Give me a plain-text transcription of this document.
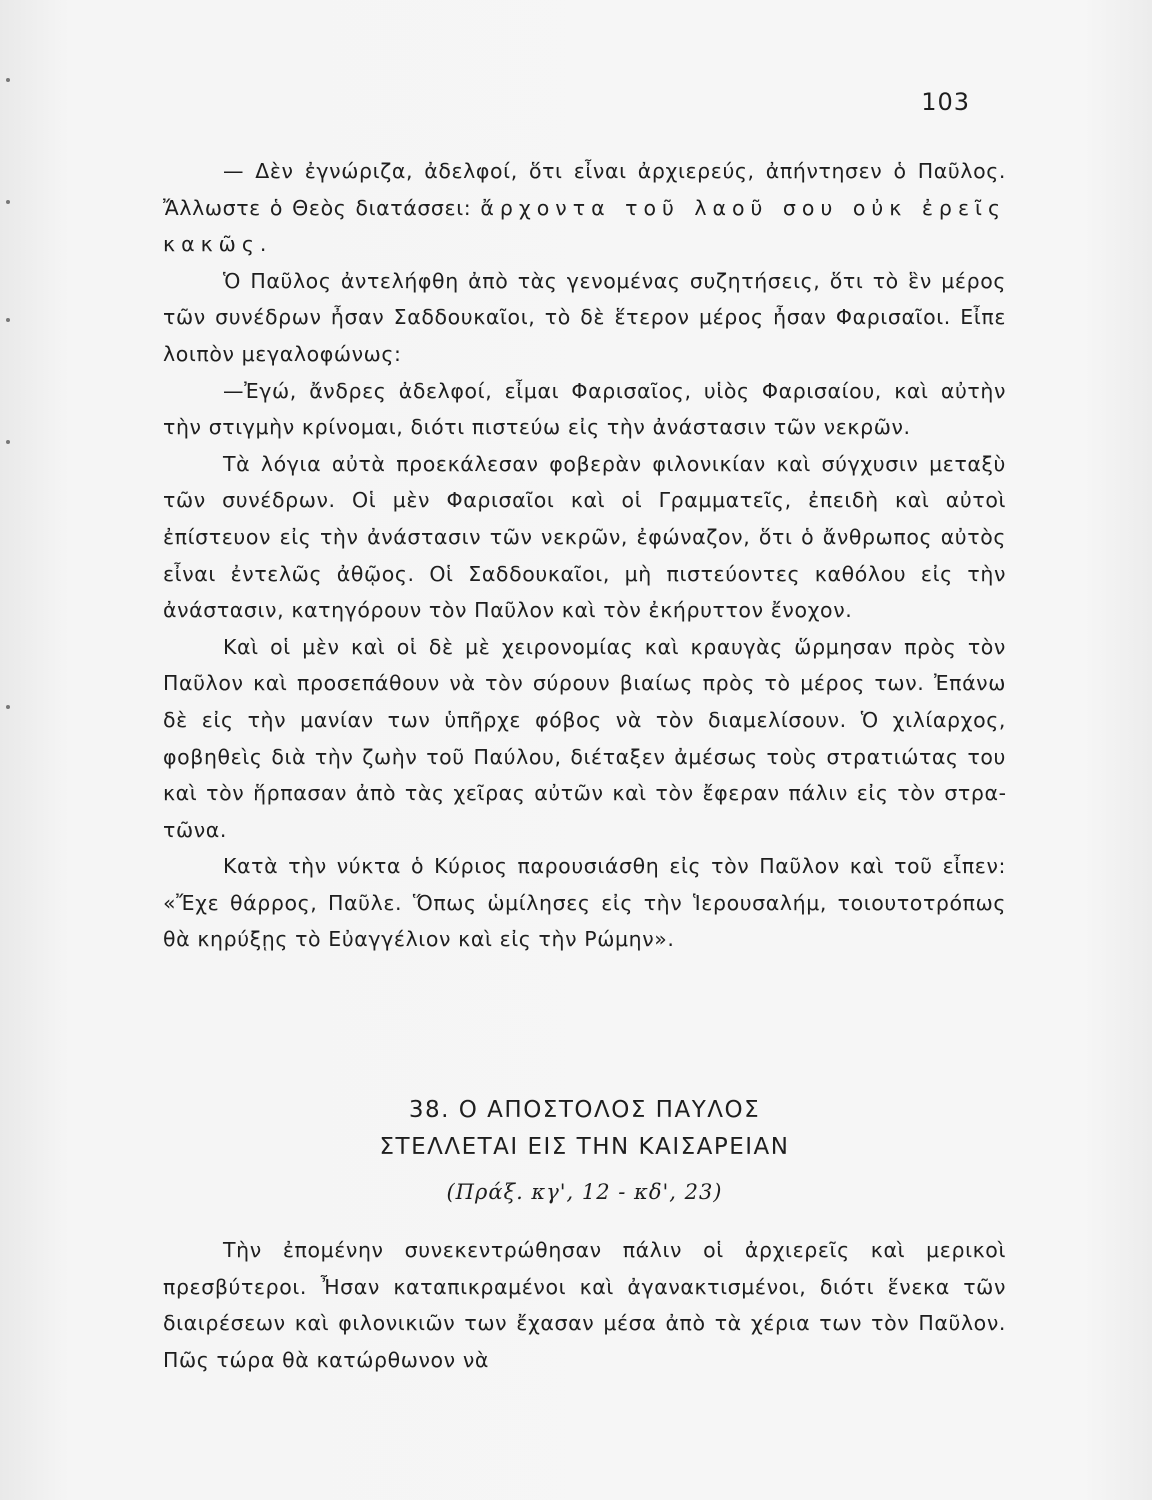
103

— Δὲν ἐγνώριζα, ἀδελφοί, ὅτι εἶναι ἀρχιερεύς, ἀπήντησεν ὁ Παῦλος. Ἄλλωστε ὁ Θεὸς διατάσσει: ἄρχοντα τοῦ λαοῦ σου οὐκ ἐρεῖς κακῶς.

Ὁ Παῦλος ἀντελήφθη ἀπὸ τὰς γενομένας συζητήσεις, ὅτι τὸ ἓν μέρος τῶν συνέδρων ἦσαν Σαδδουκαῖοι, τὸ δὲ ἕτερον μέρος ἦσαν Φαρισαῖοι. Εἶπε λοιπὸν μεγαλοφώνως:

—Ἐγώ, ἄνδρες ἀδελφοί, εἶμαι Φαρισαῖος, υἱὸς Φαρισαίου, καὶ αὐτὴν τὴν στιγμὴν κρίνομαι, διότι πιστεύω εἰς τὴν ἀνάστασιν τῶν νεκρῶν.

Τὰ λόγια αὐτὰ προεκάλεσαν φοβερὰν φιλονικίαν καὶ σύγχυσιν μεταξὺ τῶν συνέδρων. Οἱ μὲν Φαρισαῖοι καὶ οἱ Γραμματεῖς, ἐπειδὴ καὶ αὐτοὶ ἐπίστευον εἰς τὴν ἀνάστασιν τῶν νεκρῶν, ἐφώναζον, ὅτι ὁ ἄνθρωπος αὐτὸς εἶναι ἐντελῶς ἀθῷος. Οἱ Σαδδουκαῖοι, μὴ πιστεύοντες καθόλου εἰς τὴν ἀνάστασιν, κατηγόρουν τὸν Παῦλον καὶ τὸν ἐκήρυττον ἔνοχον.

Καὶ οἱ μὲν καὶ οἱ δὲ μὲ χειρονομίας καὶ κραυγὰς ὥρμησαν πρὸς τὸν Παῦλον καὶ προσεπάθουν νὰ τὸν σύρουν βιαίως πρὸς τὸ μέρος των. Ἐπάνω δὲ εἰς τὴν μανίαν των ὑπῆρχε φόβος νὰ τὸν διαμελίσουν. Ὁ χιλίαρχος, φοβηθεὶς διὰ τὴν ζωὴν τοῦ Παύλου, διέταξεν ἀμέσως τοὺς στρατιώτας του καὶ τὸν ἥρπασαν ἀπὸ τὰς χεῖρας αὐτῶν καὶ τὸν ἔφεραν πάλιν εἰς τὸν στρατῶνα.

Κατὰ τὴν νύκτα ὁ Κύριος παρουσιάσθη εἰς τὸν Παῦλον καὶ τοῦ εἶπεν: «Ἔχε θάρρος, Παῦλε. Ὅπως ὡμίλησες εἰς τὴν Ἱερουσαλήμ, τοιουτοτρόπως θὰ κηρύξῃς τὸ Εὐαγγέλιον καὶ εἰς τὴν Ρώμην».

38. Ο ΑΠΟΣΤΟΛΟΣ ΠΑΥΛΟΣ
ΣΤΕΛΛΕΤΑΙ ΕΙΣ ΤΗΝ ΚΑΙΣΑΡΕΙΑΝ
(Πράξ. κγ', 12 - κδ', 23)

Τὴν ἐπομένην συνεκεντρώθησαν πάλιν οἱ ἀρχιερεῖς καὶ μερικοὶ πρεσβύτεροι. Ἦσαν καταπικραμένοι καὶ ἀγανακτισμένοι, διότι ἕνεκα τῶν διαιρέσεων καὶ φιλονικιῶν των ἔχασαν μέσα ἀπὸ τὰ χέρια των τὸν Παῦλον. Πῶς τώρα θὰ κατώρθωνον νὰ
